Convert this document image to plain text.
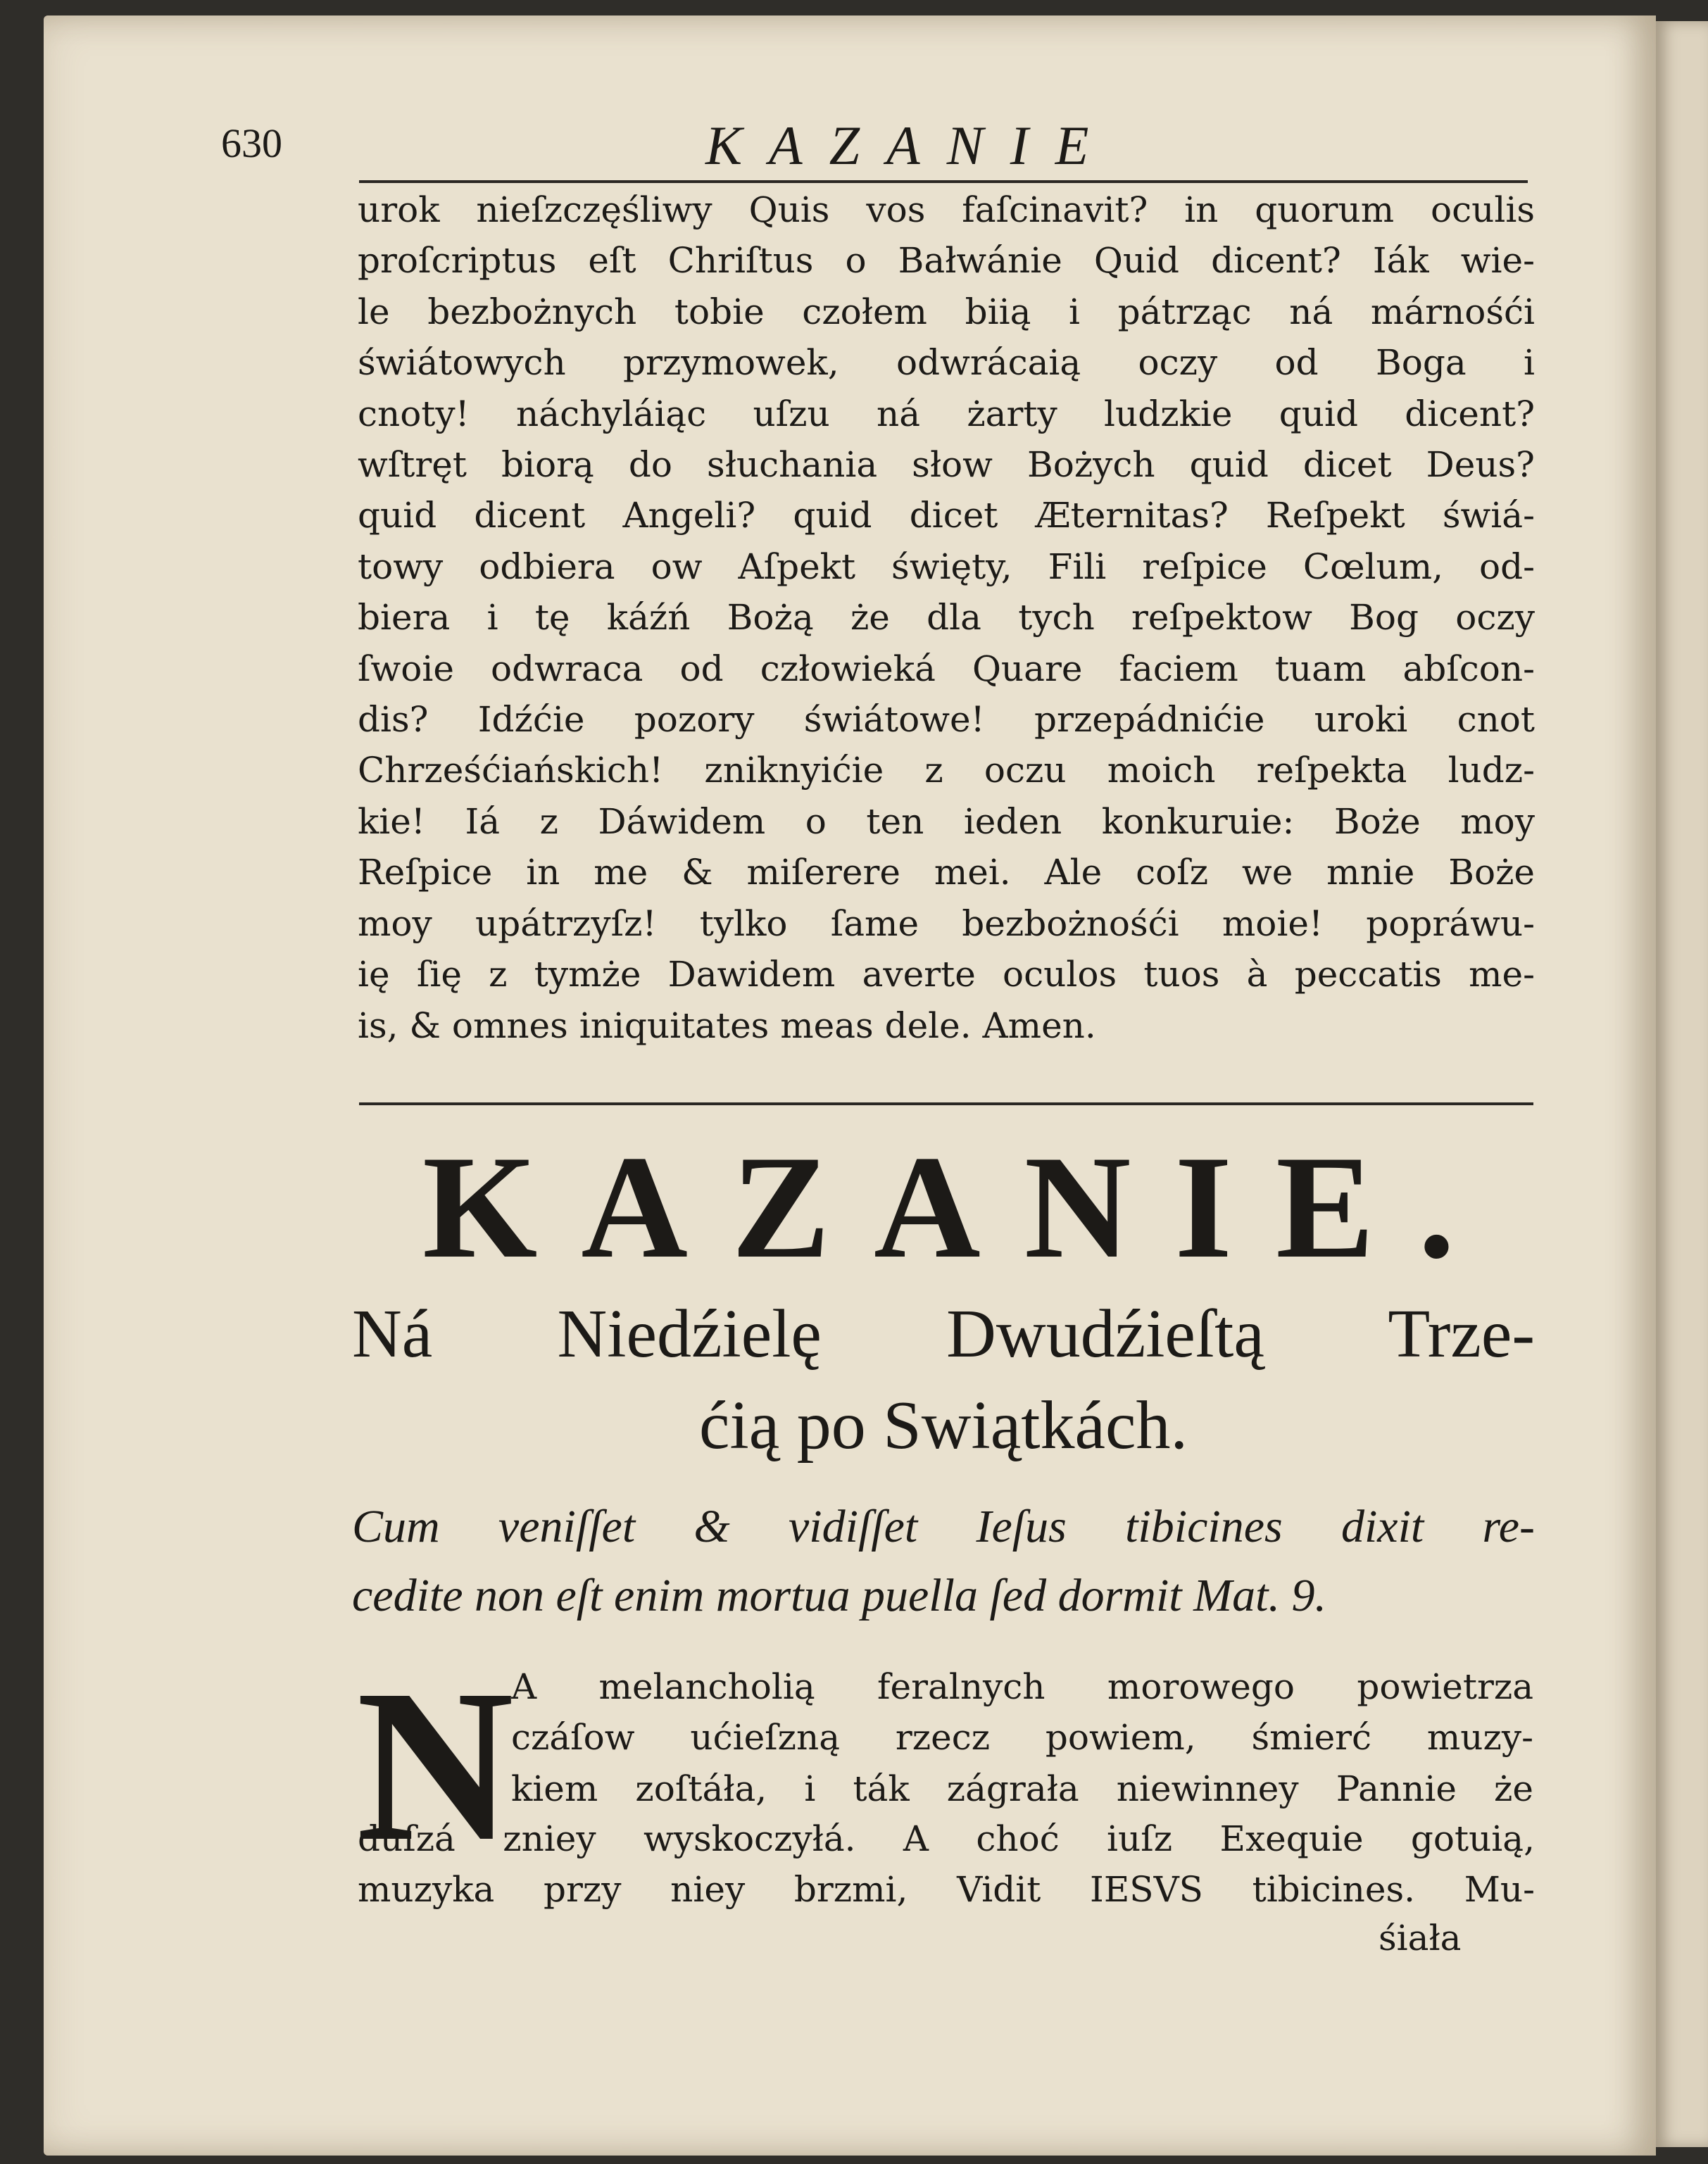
630	KAZANIE
urok nieſzczęśliwy Quis vos faſcinavit? in quorum oculis
proſcriptus eſt Chriſtus o Bałwánie Quid dicent? Iák wie-
le bezbożnych tobie czołem biią i pátrząc ná márnośći
świátowych przymowek, odwrácaią oczy od Boga i
cnoty! náchyláiąc uſzu ná żarty ludzkie quid dicent?
wſtręt biorą do słuchania słow Bożych quid dicet Deus?
quid dicent Angeli? quid dicet Æternitas? Reſpekt świá-
towy odbiera ow Aſpekt święty, Fili reſpice Cœlum, od-
biera i tę káźń Bożą że dla tych reſpektow Bog oczy
ſwoie odwraca od człowieká Quare faciem tuam abſcon-
dis? Idźćie pozory świátowe! przepádnićie uroki cnot
Chrześćiańskich! zniknyićie z oczu moich reſpekta ludz-
kie! Iá z Dáwidem o ten ieden konkuruie: Boże moy
Reſpice in me & miſerere mei. Ale coſz we mnie Boże
moy upátrzyſz! tylko ſame bezbożnośći moie! popráwu-
ię ſię z tymże Dawidem averte oculos tuos à peccatis me-
is, & omnes iniquitates meas dele. Amen.
KAZANIE.
Ná Niedźielę Dwudźieſtą Trze-
ćią po Swiątkách.
Cum veniſſet & vidiſſet Ieſus tibicines dixit re-
cedite non eſt enim mortua puella ſed dormit Mat. 9.
N
A melancholią feralnych morowego powietrza
czáſow ućieſzną rzecz powiem, śmierć muzy-
kiem zoſtáła, i ták zágrała niewinney Pannie że
duſzá zniey wyskoczyłá. A choć iuſz Exequie gotuią,
muzyka przy niey brzmi, Vidit IESVS tibicines. Mu-
śiała
